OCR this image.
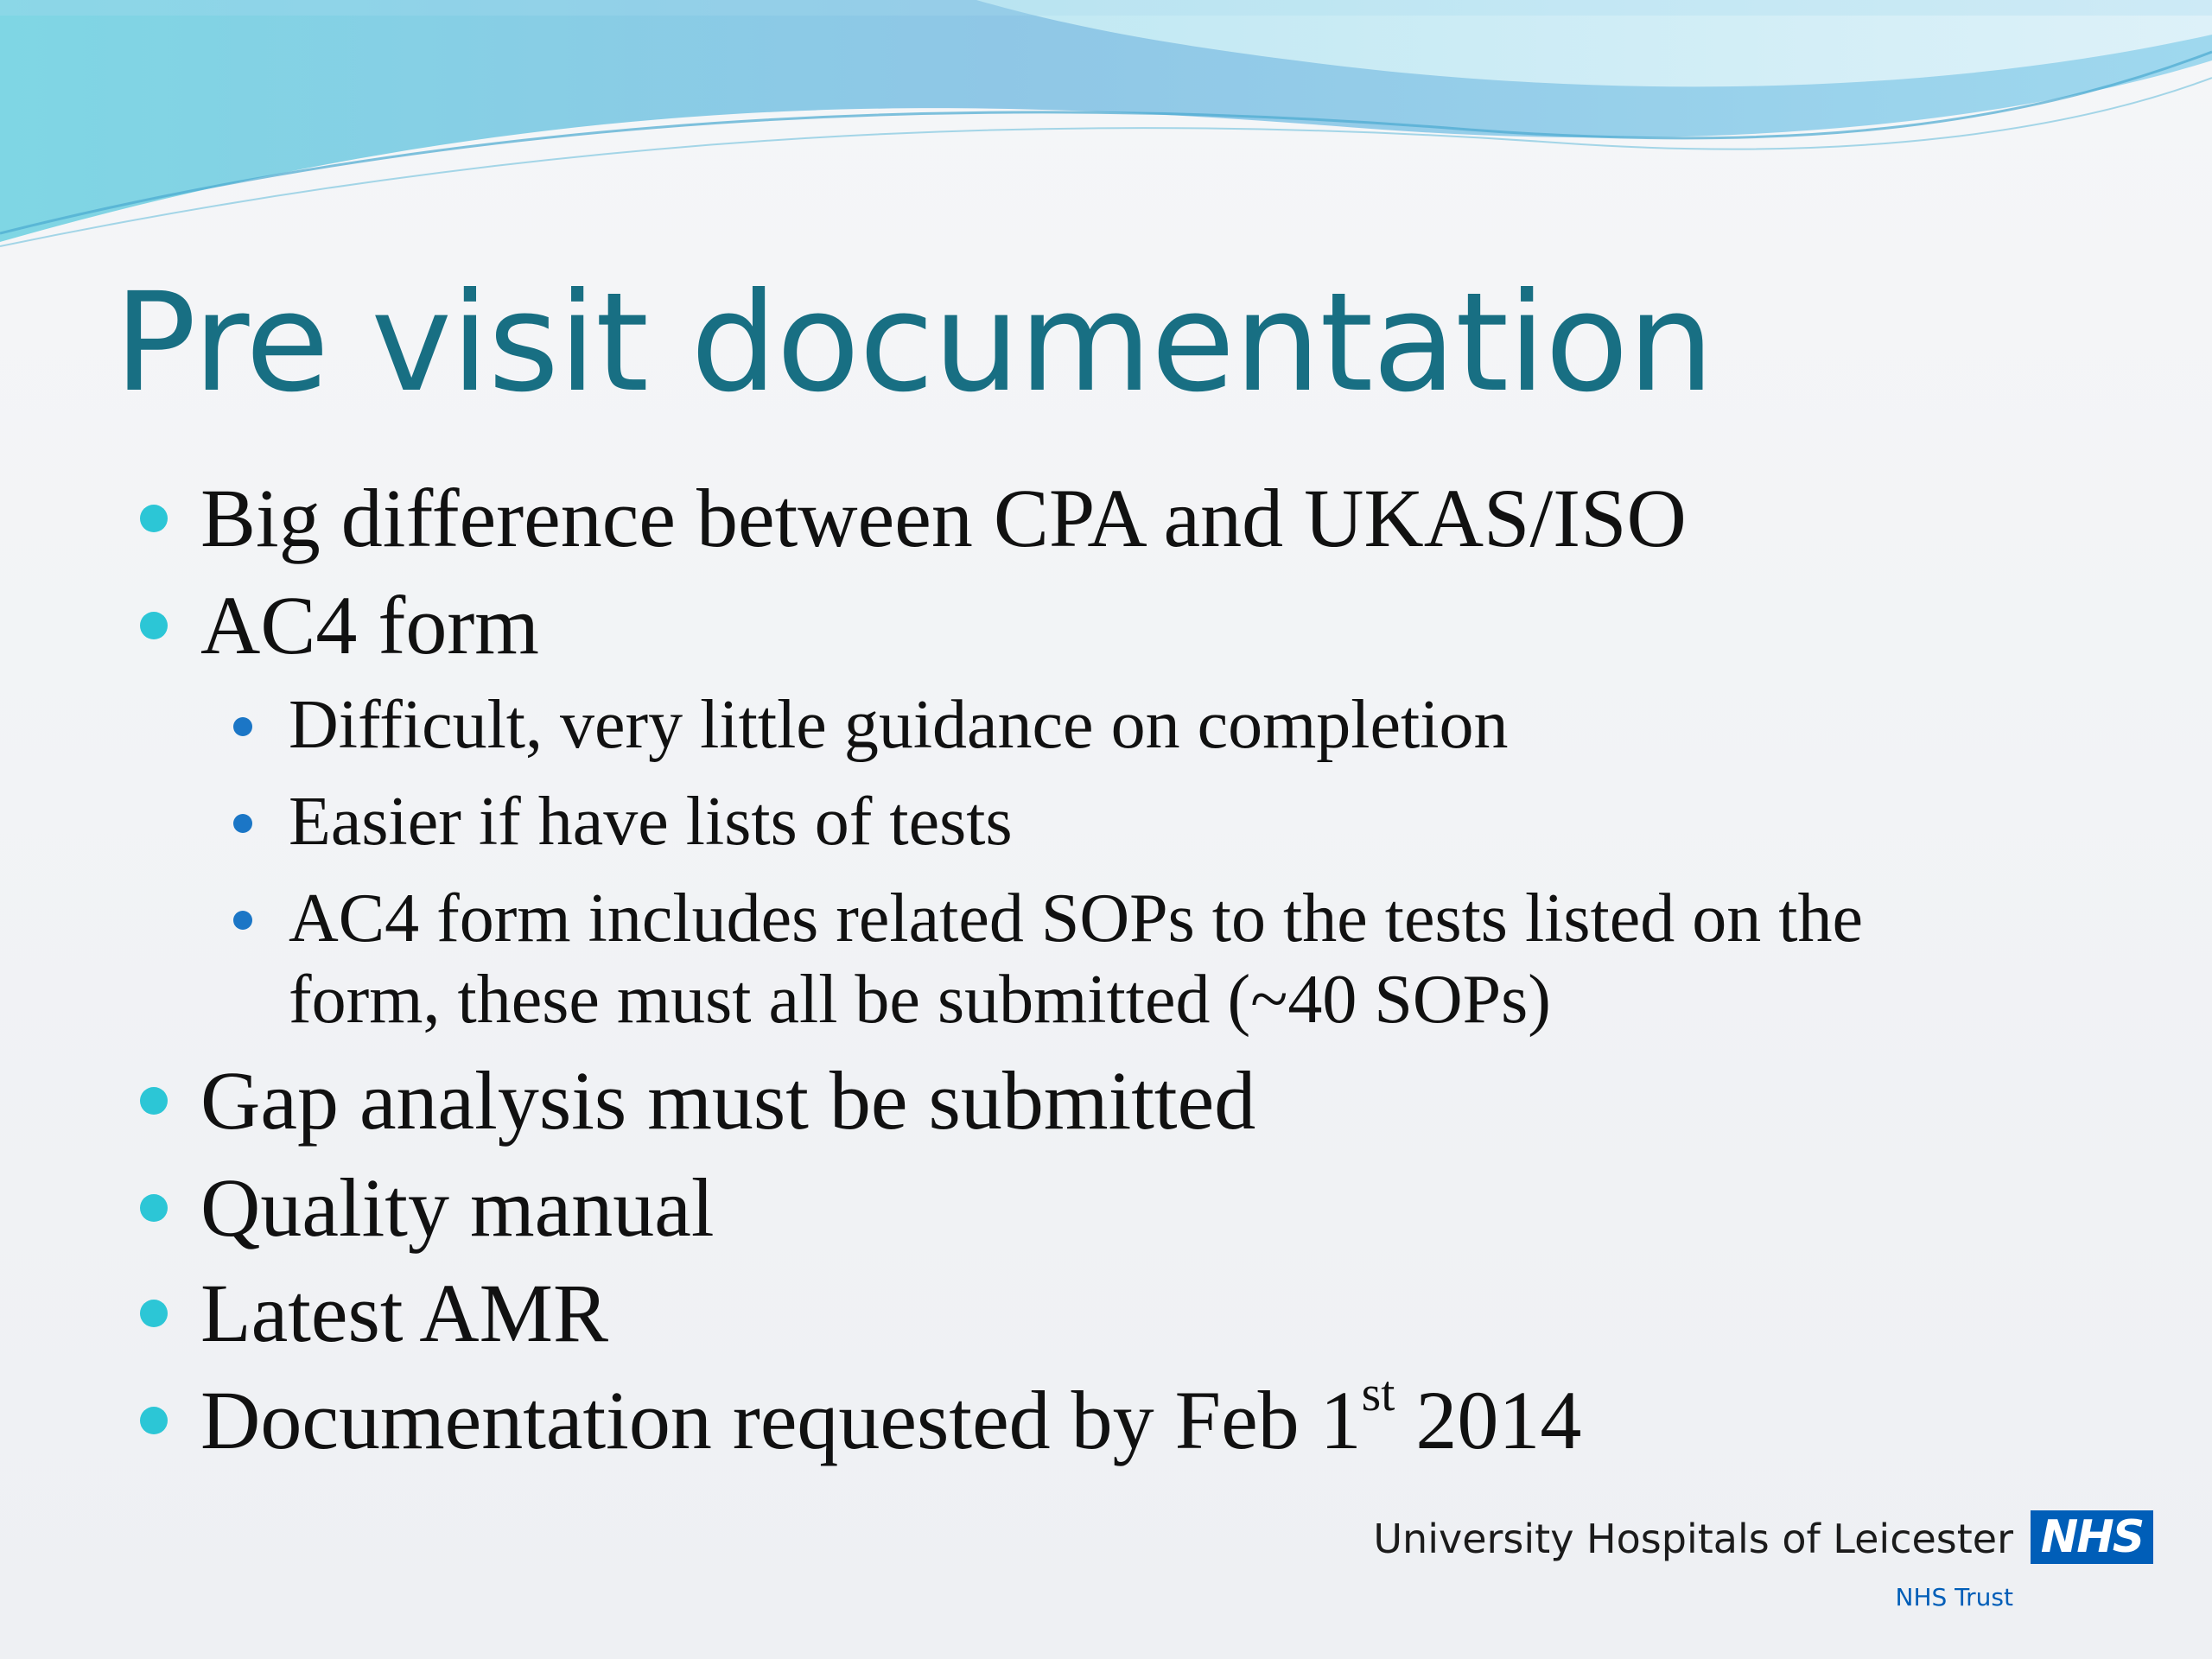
Pre visit documentation
Big difference between CPA and UKAS/ISO
AC4 form
Difficult, very little guidance on completion
Easier if have lists of tests
AC4 form includes related SOPs to the tests listed on the
form, these must all be submitted (~40 SOPs)
Gap analysis must be submitted
Quality manual
Latest AMR
Documentation requested by Feb 1st 2014
University Hospitals of Leicester
NHS Trust
NHS
